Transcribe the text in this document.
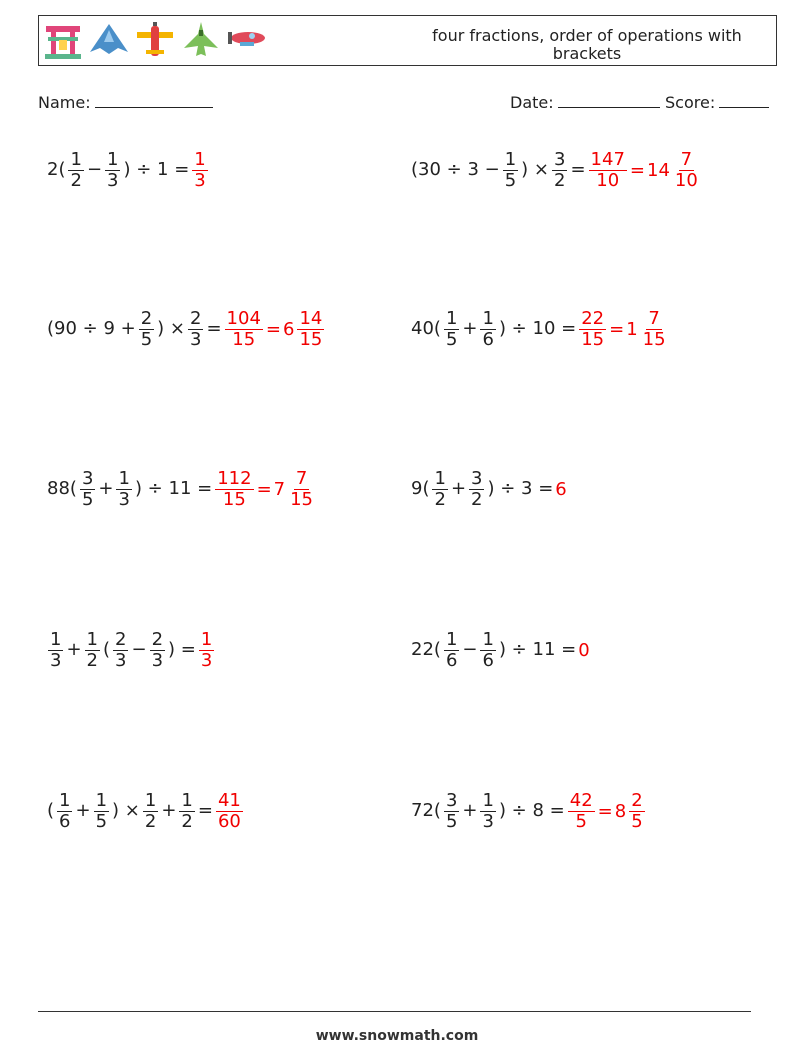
four fractions, order of operations with brackets
Name:	Date:	Score:
$2( \frac{1}{2} - \frac{1}{3}$ ) ÷ $1 = \frac{1}{3}$	($30 \div 3 - \frac{1}{5}$ ) × $\frac{3}{2} = \frac{147}{10} = 14 \frac{7}{10}$
($90 \div 9 + \frac{2}{5}$ ) × $\frac{2}{3} = \frac{104}{15} = 6 \frac{14}{15}$	$40( \frac{1}{5} + \frac{1}{6}$ ) ÷ $10 = \frac{22}{15} = 1 \frac{7}{15}$
$88( \frac{3}{5} + \frac{1}{3}$ ) ÷ $11 = \frac{112}{15} = 7 \frac{7}{15}$	$9( \frac{1}{2} + \frac{3}{2}$ ) ÷ 3 = 6
$\frac{1}{3} + \frac{1}{2}$ ( $\frac{2}{3} - \frac{2}{3}$ ) = $\frac{1}{3}$	$22( \frac{1}{6} - \frac{1}{6}$ ) ÷ 11 = 0
( $\frac{1}{6} + \frac{1}{5}$ ) × $\frac{1}{2} + \frac{1}{2} = \frac{41}{60}$	$72( \frac{3}{5} + \frac{1}{3}$ ) ÷ $8 = \frac{42}{5} = 8 \frac{2}{5}$
www.snowmath.com
